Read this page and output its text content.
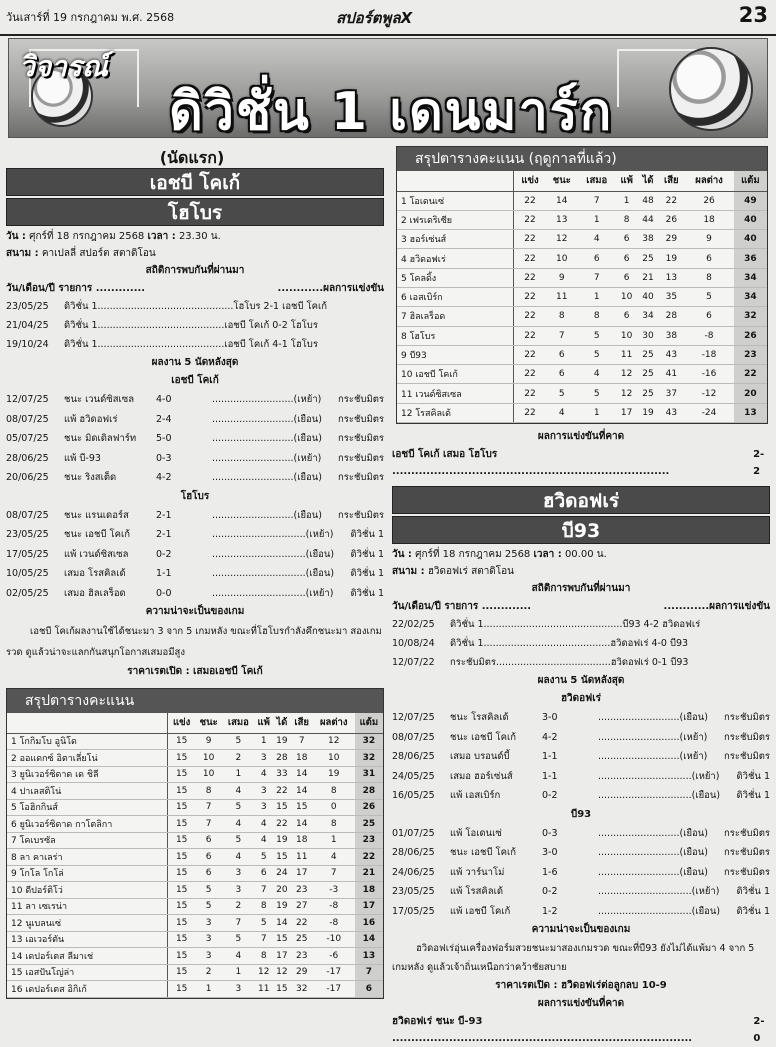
วันเสาร์ที่ 19 กรกฎาคม พ.ศ. 2568	สปอร์ตพูลX	23
วิจารณ์
ดิวิชั่น 1 เดนมาร์ก
สรุปตารางคะแนน (ฤดูกาลที่แล้ว)
	แข่ง	ชนะ	เสมอ	แพ้	ได้	เสีย	ผลต่าง	แต้ม
1 โอเดนเซ่	22	14	7	1	48	22	26	49
2 เฟรเดริเซีย	22	13	1	8	44	26	18	40
3 ฮอร์เซ่นส์	22	12	4	6	38	29	9	40
4 ฮวิดอฟเร่	22	10	6	6	25	19	6	36
5 โคลดิ้ง	22	9	7	6	21	13	8	34
6 เอสเบิร์ก	22	11	1	10	40	35	5	34
7 ฮิลเลร็อด	22	8	8	6	34	28	6	32
8 โฮโบร	22	7	5	10	30	38	-8	26
9 บี93	22	6	5	11	25	43	-18	23
10 เอชบี โคเก้	22	6	4	12	25	41	-16	22
11 เวนด์ซิสเซล	22	5	5	12	25	37	-12	20
12 โรสคิลเด้	22	4	1	17	19	43	-24	13
(นัดแรก)
เอชบี โคเก้
โฮโบร
วัน : ศุกร์ที่ 18 กรกฎาคม 2568 เวลา : 23.30 น.
สนาม : คาเปลลี่ สปอร์ต สตาดิโอน
สถิติการพบกันที่ผ่านมา
วัน/เดือน/ปี รายการ .............	............ผลการแข่งขัน
23/05/25	ดิวิชั่น 1.............................................โฮโบร 2-1 เอชบี โคเก้
21/04/25	ดิวิชั่น 1..........................................เอชบี โคเก้ 0-2 โฮโบร
19/10/24	ดิวิชั่น 1..........................................เอชบี โคเก้ 4-1 โฮโบร
ผลงาน 5 นัดหลังสุด
เอชบี โคเก้
12/07/25	ชนะ เวนด์ซิสเซล	4-0	...........................(เหย้า)	กระชับมิตร
08/07/25	แพ้ ฮวิดอฟเร่	2-4	...........................(เยือน)	กระชับมิตร
05/07/25	ชนะ มิดเดิลฟาร์ท	5-0	...........................(เยือน)	กระชับมิตร
28/06/25	แพ้ บี-93	0-3	...........................(เหย้า)	กระชับมิตร
20/06/25	ชนะ ริงสเต็ด	4-2	...........................(เยือน)	กระชับมิตร
โฮโบร
08/07/25	ชนะ แรนเดอร์ส	2-1	...........................(เยือน)	กระชับมิตร
23/05/25	ชนะ เอชบี โคเก้	2-1	...............................(เหย้า)	ดิวิชั่น 1
17/05/25	แพ้ เวนด์ซิสเซล	0-2	...............................(เยือน)	ดิวิชั่น 1
10/05/25	เสมอ โรสคิลเด้	1-1	...............................(เยือน)	ดิวิชั่น 1
02/05/25	เสมอ ฮิลเลร็อด	0-0	...............................(เหย้า)	ดิวิชั่น 1
ความน่าจะเป็นของเกม
เอชบี โคเก้ผลงานใช้ได้ชนะมา 3 จาก 5 เกมหลัง ขณะที่โฮโบรกำลังคึกชนะมา สองเกมรวด ดูแล้วน่าจะแลกกันสนุกโอกาสเสมอมีสูง
ราคาเรตเปิด : เสมอเอชบี โคเก้
สรุปตารางคะแนน
	แข่ง	ชนะ	เสมอ	แพ้	ได้	เสีย	ผลต่าง	แต้ม
1 โกกิมโบ อูนิโด	15	9	5	1	19	7	12	32
2 ออแดกซ์ อิตาเลี่ยโน่	15	10	2	3	28	18	10	32
3 ยูนิเวอร์ซิดาด เด ชิลี	15	10	1	4	33	14	19	31
4 ปาเลสติโน่	15	8	4	3	22	14	8	28
5 โอฮิกกินส์	15	7	5	3	15	15	0	26
6 ยูนิเวอร์ซิดาด กาโตลิกา	15	7	4	4	22	14	8	25
7 โคเบรซัล	15	6	5	4	19	18	1	23
8 ลา คาเลร่า	15	6	4	5	15	11	4	22
9 โกโล โกโล่	15	6	3	6	24	17	7	21
10 ดีปอร์ติโว่	15	5	3	7	20	23	-3	18
11 ลา เซเรน่า	15	5	2	8	19	27	-8	17
12 นูเบลนเซ่	15	3	7	5	14	22	-8	16
13 เอเวอร์ตัน	15	3	5	7	15	25	-10	14
14 เดปอร์เตส ลีมาเช่	15	3	4	8	17	23	-6	13
15 เอสปันโญ่ล่า	15	2	1	12	12	29	-17	7
16 เดปอร์เตส อิกิเก้	15	1	3	11	15	32	-17	6
ผลการแข่งขันที่คาด
เอชบี โคเก้ เสมอ โฮโบร .........................................................................
2-2
ฮวิดอฟเร่
บี93
วัน : ศุกร์ที่ 18 กรกฎาคม 2568 เวลา : 00.00 น.
สนาม : ฮวิดอฟเร่ สตาดิโอน
สถิติการพบกันที่ผ่านมา
วัน/เดือน/ปี รายการ .............	............ผลการแข่งขัน
22/02/25	ดิวิชั่น 1..............................................บี93 4-2 ฮวิดอฟเร่
10/08/24	ดิวิชั่น 1..........................................ฮวิดอฟเร่ 4-0 บี93
12/07/22	กระชับมิตร......................................ฮวิดอฟเร่ 0-1 บี93
ผลงาน 5 นัดหลังสุด
ฮวิดอฟเร่
12/07/25	ชนะ โรสคิลเด้	3-0	...........................(เยือน)	กระชับมิตร
08/07/25	ชนะ เอชบี โคเก้	4-2	...........................(เหย้า)	กระชับมิตร
28/06/25	เสมอ บรอนด์บี้	1-1	...........................(เหย้า)	กระชับมิตร
24/05/25	เสมอ ฮอร์เซ่นส์	1-1	...............................(เหย้า)	ดิวิชั่น 1
16/05/25	แพ้ เอสเบิร์ก	0-2	...............................(เยือน)	ดิวิชั่น 1
บี93
01/07/25	แพ้ โอเดนเซ่	0-3	...........................(เยือน)	กระชับมิตร
28/06/25	ชนะ เอชบี โคเก้	3-0	...........................(เยือน)	กระชับมิตร
24/06/25	แพ้ วาร์นาโม่	1-6	...........................(เยือน)	กระชับมิตร
23/05/25	แพ้ โรสคิลเด้	0-2	...............................(เหย้า)	ดิวิชั่น 1
17/05/25	แพ้ เอชบี โคเก้	1-2	...............................(เยือน)	ดิวิชั่น 1
ความน่าจะเป็นของเกม
ฮวิดอฟเร่อุ่นเครื่องฟอร์มสวยชนะมาสองเกมรวด ขณะที่บี93 ยังไม่ได้แพ้มา 4 จาก 5 เกมหลัง ดูแล้วเจ้าถิ่นเหนือกว่าคว้าชัยสบาย
ราคาเรตเปิด : ฮวิดอฟเร่ต่อลูกลบ 10-9
ผลการแข่งขันที่คาด
ฮวิดอฟเร่ ชนะ บี-93 ...............................................................................
2-0
